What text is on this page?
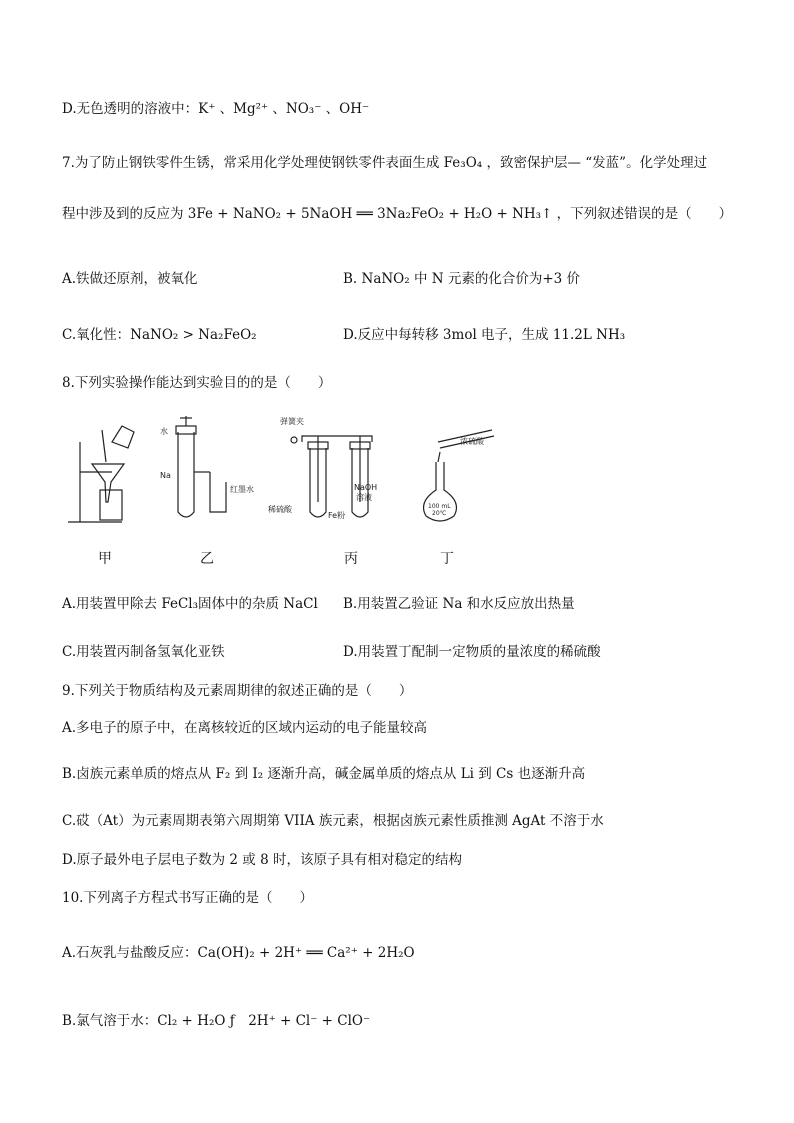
D.无色透明的溶液中：K⁺ 、Mg²⁺ 、NO₃⁻ 、OH⁻
7.为了防止钢铁零件生锈，常采用化学处理使钢铁零件表面生成 Fe₃O₄ ，致密保护层— “发蓝”。化学处理过
程中涉及到的反应为 3Fe + NaNO₂ + 5NaOH ══ 3Na₂FeO₂ + H₂O + NH₃↑ ，下列叙述错误的是（　　）
A.铁做还原剂，被氧化	B. NaNO₂ 中 N 元素的化合价为+3 价
C.氧化性：NaNO₂ > Na₂FeO₂	D.反应中每转移 3mol 电子，生成 11.2L NH₃
8.下列实验操作能达到实验目的的是（　　）
水
Na
红墨水
弹簧夹
稀硫酸
Fe粉
NaOH
溶液
浓硫酸
100 mL
20℃
甲	乙	丙	丁
A.用装置甲除去 FeCl₃固体中的杂质 NaCl B.用装置乙验证 Na 和水反应放出热量
C.用装置丙制备氢氧化亚铁	D.用装置丁配制一定物质的量浓度的稀硫酸
9.下列关于物质结构及元素周期律的叙述正确的是（　　）
A.多电子的原子中，在离核较近的区域内运动的电子能量较高
B.卤族元素单质的熔点从 F₂ 到 I₂ 逐渐升高，碱金属单质的熔点从 Li 到 Cs 也逐渐升高
C.砹（At）为元素周期表第六周期第 VIIA 族元素，根据卤族元素性质推测 AgAt 不溶于水
D.原子最外电子层电子数为 2 或 8 时，该原子具有相对稳定的结构
10.下列离子方程式书写正确的是（　　）
A.石灰乳与盐酸反应：Ca(OH)₂ + 2H⁺ ══ Ca²⁺ + 2H₂O
B.氯气溶于水：Cl₂ + H₂O ƒ　2H⁺ + Cl⁻ + ClO⁻
